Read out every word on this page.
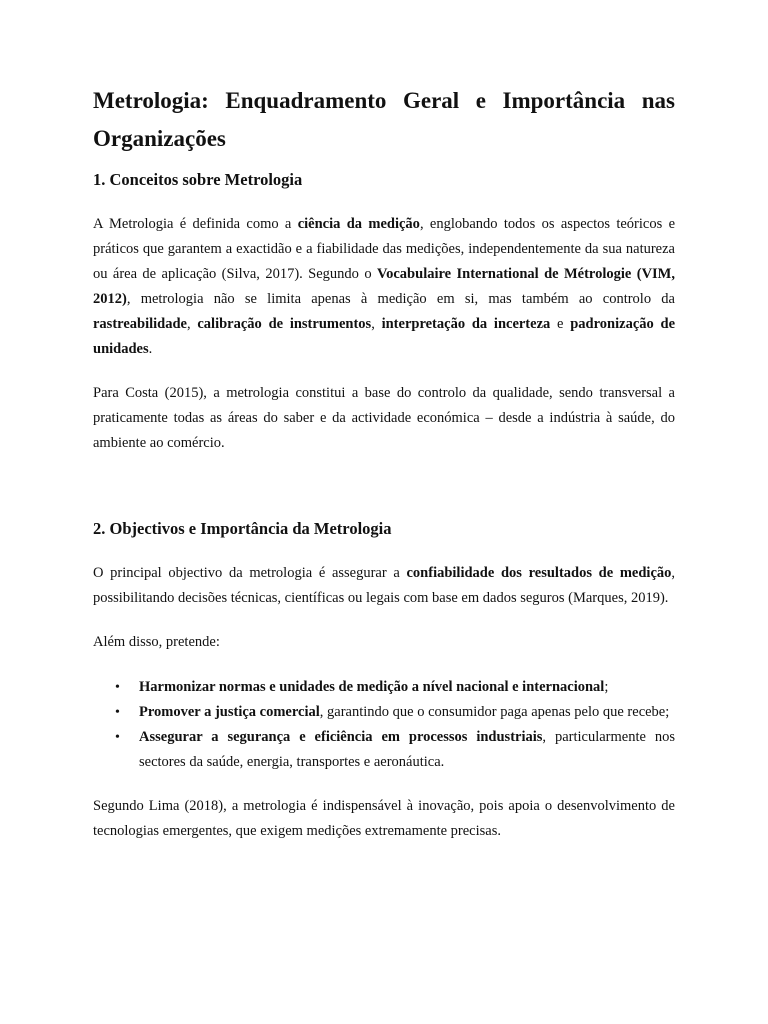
Metrologia: Enquadramento Geral e Importância nas Organizações
1. Conceitos sobre Metrologia

A Metrologia é definida como a ciência da medição, englobando todos os aspectos teóricos e práticos que garantem a exactidão e a fiabilidade das medições, independentemente da sua natureza ou área de aplicação (Silva, 2017). Segundo o Vocabulaire International de Métrologie (VIM, 2012), metrologia não se limita apenas à medição em si, mas também ao controlo da rastreabilidade, calibração de instrumentos, interpretação da incerteza e padronização de unidades.

Para Costa (2015), a metrologia constitui a base do controlo da qualidade, sendo transversal a praticamente todas as áreas do saber e da actividade económica – desde a indústria à saúde, do ambiente ao comércio.

2. Objectivos e Importância da Metrologia

O principal objectivo da metrologia é assegurar a confiabilidade dos resultados de medição, possibilitando decisões técnicas, científicas ou legais com base em dados seguros (Marques, 2019).

Além disso, pretende:

• Harmonizar normas e unidades de medição a nível nacional e internacional;
• Promover a justiça comercial, garantindo que o consumidor paga apenas pelo que recebe;
• Assegurar a segurança e eficiência em processos industriais, particularmente nos sectores da saúde, energia, transportes e aeronáutica.

Segundo Lima (2018), a metrologia é indispensável à inovação, pois apoia o desenvolvimento de tecnologias emergentes, que exigem medições extremamente precisas.
